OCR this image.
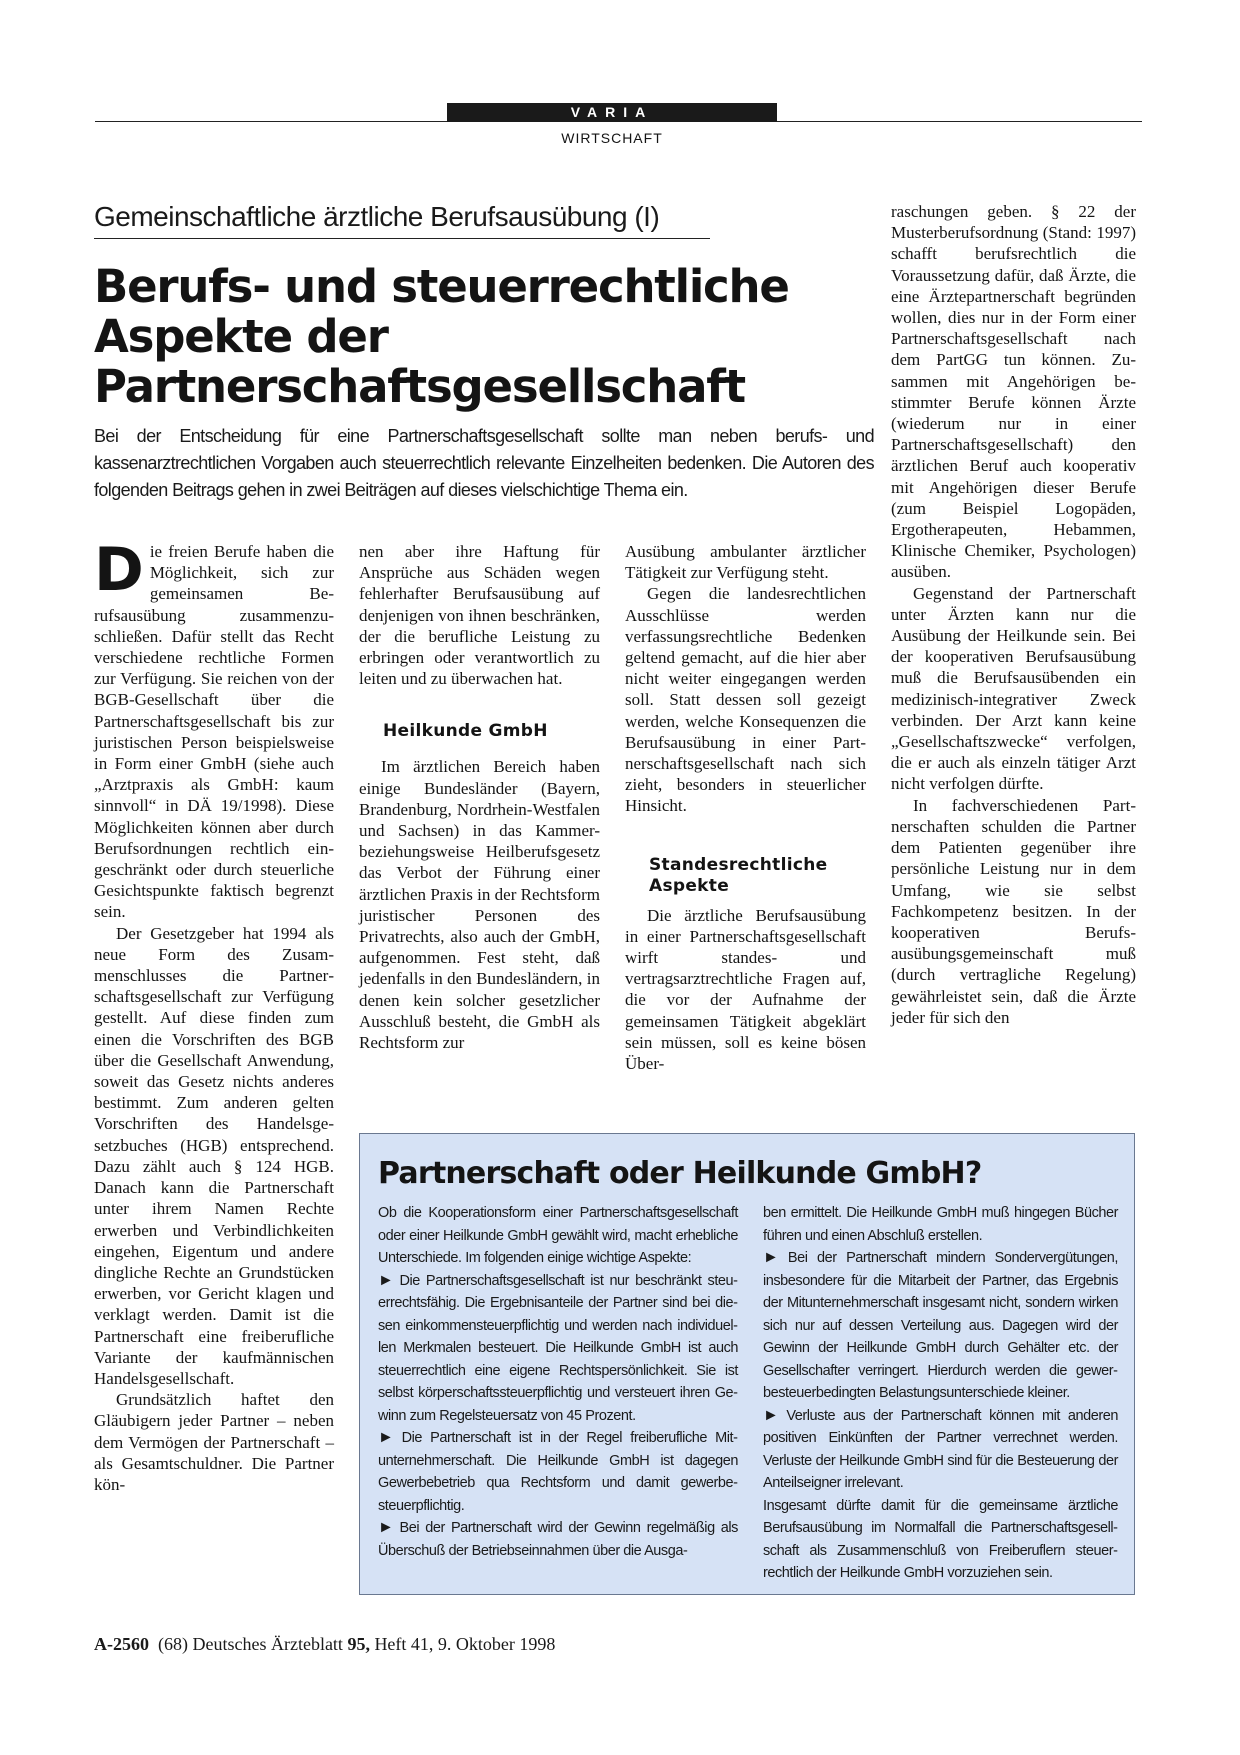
VARIA
WIRTSCHAFT
Gemeinschaftliche ärztliche Berufsausübung (I)
Berufs- und steuerrechtliche
Aspekte der
Partnerschaftsgesellschaft

Bei der Entscheidung für eine Partnerschaftsgesellschaft sollte man neben berufs- und kassenarztrechtlichen Vorgaben auch steuerrechtlich relevante Einzelheiten bedenken. Die Autoren des folgenden Beitrags gehen in zwei Beiträgen auf dieses vielschichtige Thema ein.

Die freien Berufe haben die Möglichkeit, sich zur gemeinsamen Berufsausübung zusammenzuschließen. Dafür stellt das Recht verschiedene rechtliche Formen zur Verfügung. Sie reichen von der BGB-Gesellschaft über die Partnerschaftsgesellschaft bis zur juristischen Person beispielsweise in Form einer GmbH (siehe auch „Arztpraxis als GmbH: kaum sinnvoll“ in DÄ 19/1998). Diese Möglichkeiten können aber durch Berufsordnungen rechtlich eingeschränkt oder durch steuerliche Gesichtspunkte faktisch begrenzt sein.

Der Gesetzgeber hat 1994 als neue Form des Zusammenschlusses die Partnerschaftsgesellschaft zur Verfügung gestellt. Auf diese finden zum einen die Vorschriften des BGB über die Gesellschaft Anwendung, soweit das Gesetz nichts anderes bestimmt. Zum anderen gelten Vorschriften des Handelsgesetzbuches (HGB) entsprechend. Dazu zählt auch § 124 HGB. Danach kann die Partnerschaft unter ihrem Namen Rechte erwerben und Verbindlichkeiten eingehen, Eigentum und andere dingliche Rechte an Grundstücken erwerben, vor Gericht klagen und verklagt werden. Damit ist die Partnerschaft eine freiberufliche Variante der kaufmännischen Handelsgesellschaft.

Grundsätzlich haftet den Gläubigern jeder Partner – neben dem Vermögen der Partnerschaft – als Gesamtschuldner. Die Partner kön-

nen aber ihre Haftung für Ansprüche aus Schäden wegen fehlerhafter Berufsausübung auf denjenigen von ihnen beschränken, der die berufliche Leistung zu erbringen oder verantwortlich zu leiten und zu überwachen hat.

Heilkunde GmbH

Im ärztlichen Bereich haben einige Bundesländer (Bayern, Brandenburg, Nordrhein-Westfalen und Sachsen) in das Kammer- beziehungsweise Heilberufsgesetz das Verbot der Führung einer ärztlichen Praxis in der Rechtsform juristischer Personen des Privatrechts, also auch der GmbH, aufgenommen. Fest steht, daß jedenfalls in den Bundesländern, in denen kein solcher gesetzlicher Ausschluß besteht, die GmbH als Rechtsform zur

Ausübung ambulanter ärztlicher Tätigkeit zur Verfügung steht.

Gegen die landesrechtlichen Ausschlüsse werden verfassungsrechtliche Bedenken geltend gemacht, auf die hier aber nicht weiter eingegangen werden soll. Statt dessen soll gezeigt werden, welche Konsequenzen die Berufsausübung in einer Partnerschaftsgesellschaft nach sich zieht, besonders in steuerlicher Hinsicht.

Standesrechtliche
Aspekte

Die ärztliche Berufsausübung in einer Partnerschaftsgesellschaft wirft standes- und vertragsarztrechtliche Fragen auf, die vor der Aufnahme der gemeinsamen Tätigkeit abgeklärt sein müssen, soll es keine bösen Über-

raschungen geben. § 22 der Musterberufsordnung (Stand: 1997) schafft berufsrechtlich die Voraussetzung dafür, daß Ärzte, die eine Ärztepartnerschaft begründen wollen, dies nur in der Form einer Partnerschaftsgesellschaft nach dem PartGG tun können. Zusammen mit Angehörigen bestimmter Berufe können Ärzte (wiederum nur in einer Partnerschaftsgesellschaft) den ärztlichen Beruf auch kooperativ mit Angehörigen dieser Berufe (zum Beispiel Logopäden, Ergotherapeuten, Hebammen, Klinische Chemiker, Psychologen) ausüben.

Gegenstand der Partnerschaft unter Ärzten kann nur die Ausübung der Heilkunde sein. Bei der kooperativen Berufsausübung muß die Berufsausübenden ein medizinisch-integrativer Zweck verbinden. Der Arzt kann keine „Gesellschaftszwecke“ verfolgen, die er auch als einzeln tätiger Arzt nicht verfolgen dürfte.

In fachverschiedenen Partnerschaften schulden die Partner dem Patienten gegenüber ihre persönliche Leistung nur in dem Umfang, wie sie selbst Fachkompetenz besitzen. In der kooperativen Berufsausübungsgemeinschaft muß (durch vertragliche Regelung) gewährleistet sein, daß die Ärzte jeder für sich den

Partnerschaft oder Heilkunde GmbH?

Ob die Kooperationsform einer Partnerschaftsgesellschaft oder einer Heilkunde GmbH gewählt wird, macht erhebliche Unterschiede. Im folgenden einige wichtige Aspekte:

► Die Partnerschaftsgesellschaft ist nur beschränkt steuerrechtsfähig. Die Ergebnisanteile der Partner sind bei diesen einkommensteuerpflichtig und werden nach individuellen Merkmalen besteuert. Die Heilkunde GmbH ist auch steuerrechtlich eine eigene Rechtspersönlichkeit. Sie ist selbst körperschaftssteuerpflichtig und versteuert ihren Gewinn zum Regelsteuersatz von 45 Prozent.

► Die Partnerschaft ist in der Regel freiberufliche Mitunternehmerschaft. Die Heilkunde GmbH ist dagegen Gewerbebetrieb qua Rechtsform und damit gewerbesteuerpflichtig.

► Bei der Partnerschaft wird der Gewinn regelmäßig als Überschuß der Betriebseinnahmen über die Ausga-

ben ermittelt. Die Heilkunde GmbH muß hingegen Bücher führen und einen Abschluß erstellen.

► Bei der Partnerschaft mindern Sondervergütungen, insbesondere für die Mitarbeit der Partner, das Ergebnis der Mitunternehmerschaft insgesamt nicht, sondern wirken sich nur auf dessen Verteilung aus. Dagegen wird der Gewinn der Heilkunde GmbH durch Gehälter etc. der Gesellschafter verringert. Hierdurch werden die gewerbesteuerbedingten Belastungsunterschiede kleiner.

► Verluste aus der Partnerschaft können mit anderen positiven Einkünften der Partner verrechnet werden. Verluste der Heilkunde GmbH sind für die Besteuerung der Anteilseigner irrelevant.

Insgesamt dürfte damit für die gemeinsame ärztliche Berufsausübung im Normalfall die Partnerschaftsgesellschaft als Zusammenschluß von Freiberuflern steuerrechtlich der Heilkunde GmbH vorzuziehen sein.

A-2560 (68) Deutsches Ärzteblatt 95, Heft 41, 9. Oktober 1998
